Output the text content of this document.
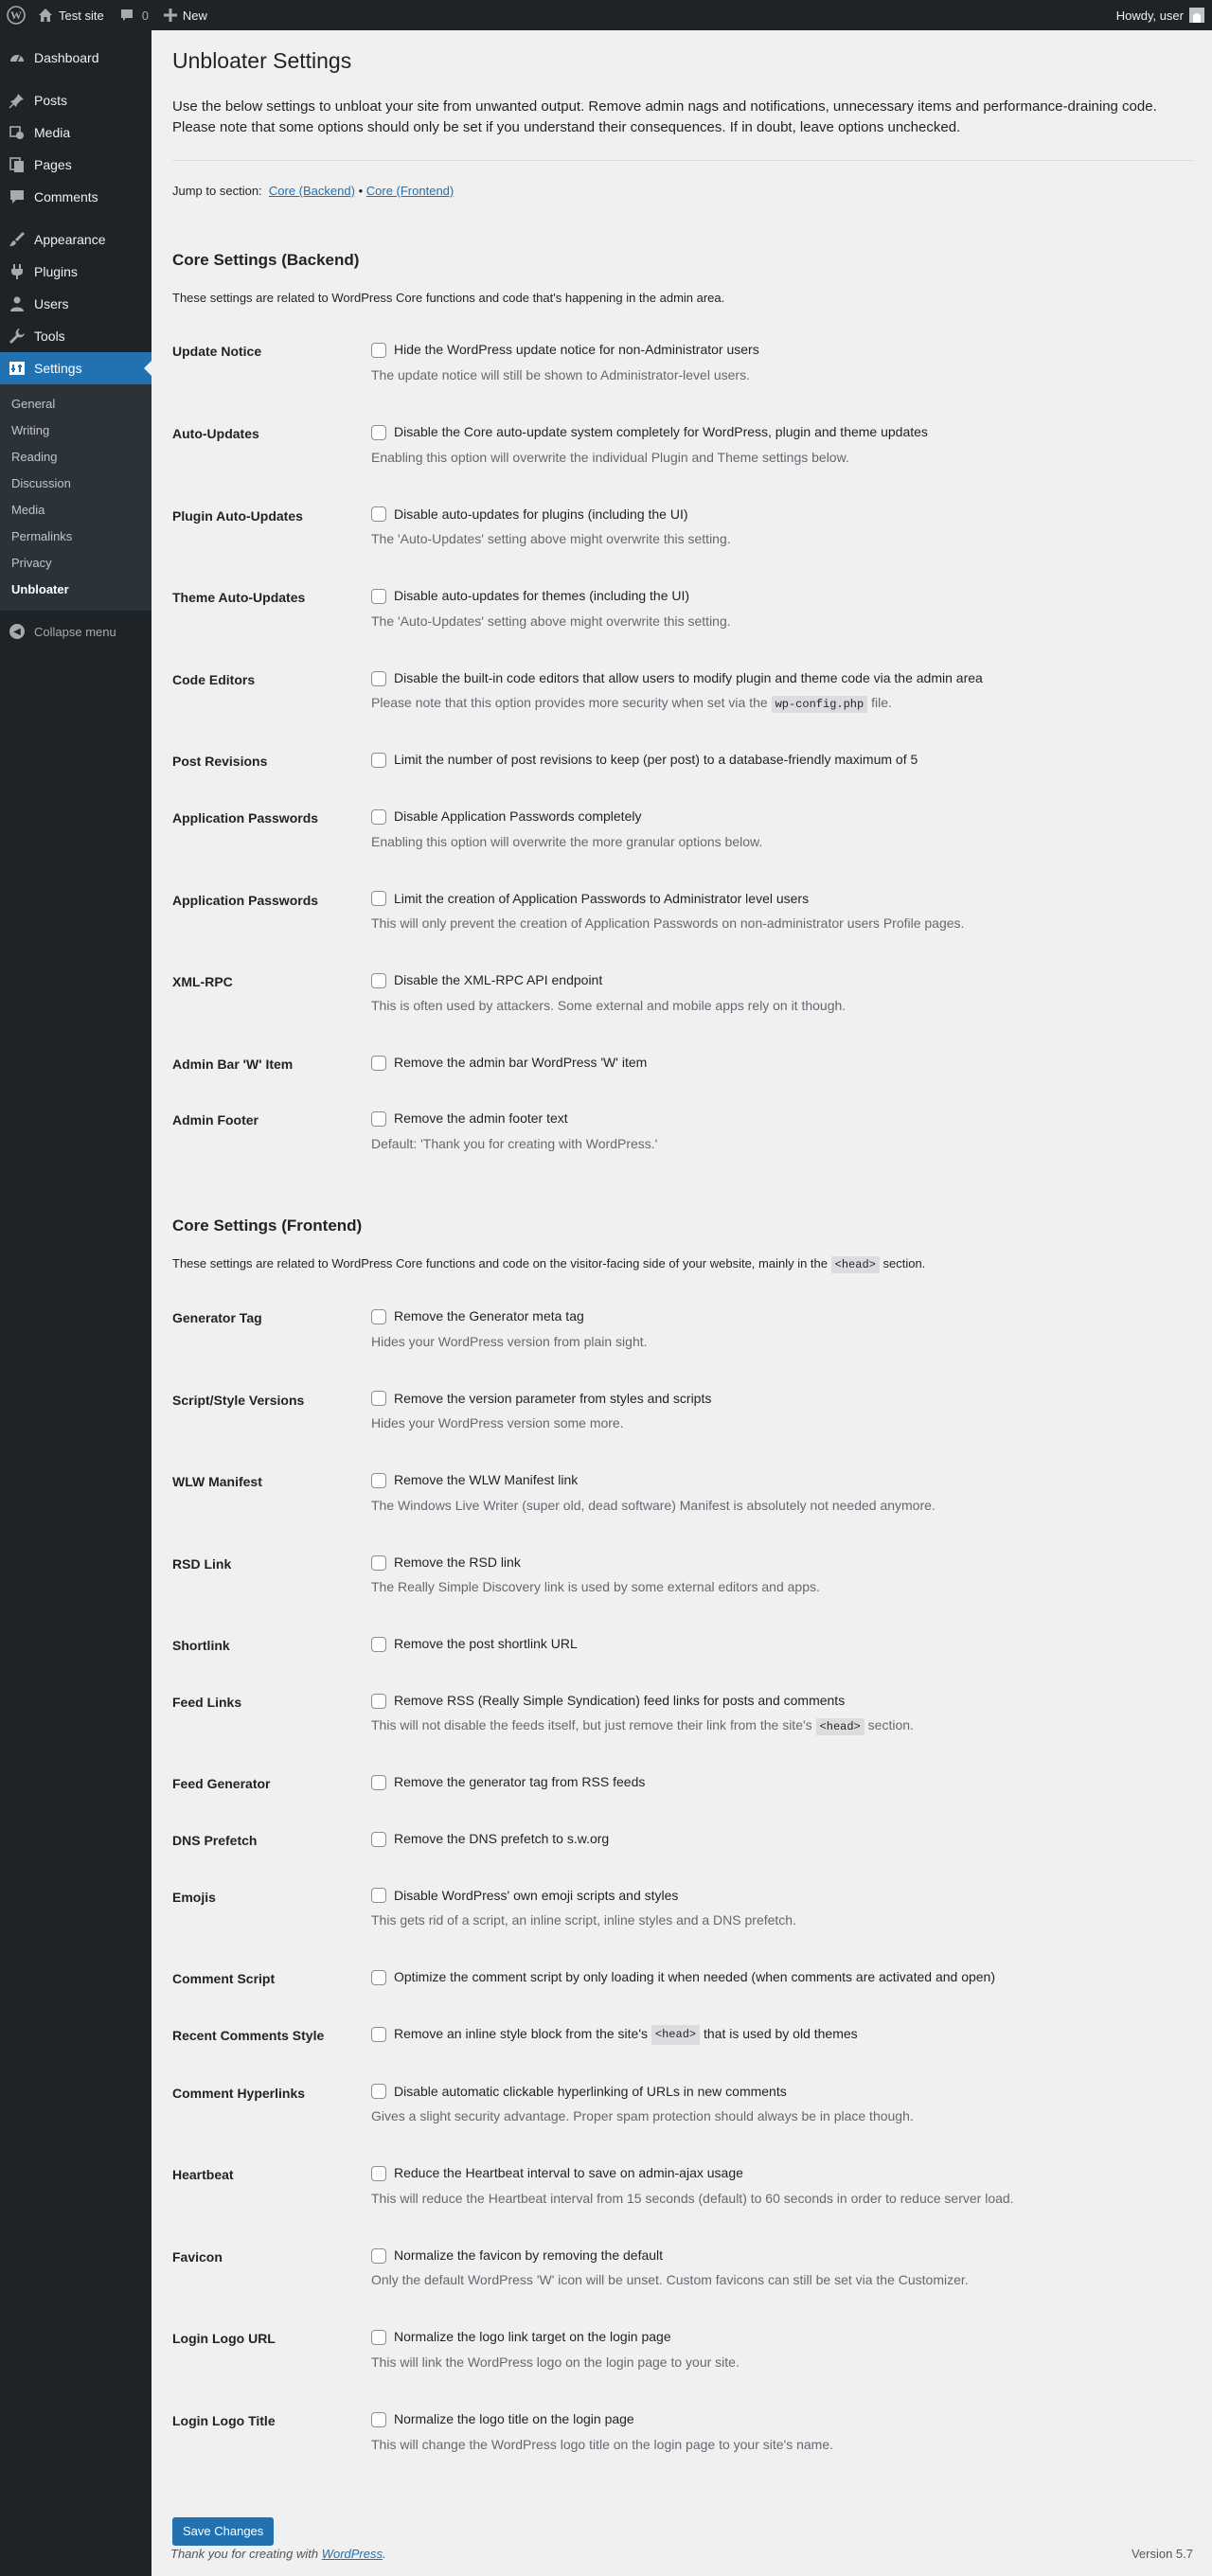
W	Test site	0	New	Howdy, user
Dashboard
Posts
Media
Pages
Comments
Appearance
Plugins
Users
Tools
Settings
General
Writing
Reading
Discussion
Media
Permalinks
Privacy
Unbloater
◀	Collapse menu
Unbloater Settings

Use the below settings to unbloat your site from unwanted output. Remove admin nags and notifications, unnecessary items and performance-draining code. Please note that some options should only be set if you understand their consequences. If in doubt, leave options unchecked.

Jump to section: Core (Backend) • Core (Frontend)

Core Settings (Backend)

These settings are related to WordPress Core functions and code that's happening in the admin area.

Update Notice	Hide the WordPress update notice for non-Administrator users
The update notice will still be shown to Administrator-level users.

Auto-Updates	Disable the Core auto-update system completely for WordPress, plugin and theme updates
Enabling this option will overwrite the individual Plugin and Theme settings below.

Plugin Auto-Updates	Disable auto-updates for plugins (including the UI)
The 'Auto-Updates' setting above might overwrite this setting.

Theme Auto-Updates	Disable auto-updates for themes (including the UI)
The 'Auto-Updates' setting above might overwrite this setting.

Code Editors	Disable the built-in code editors that allow users to modify plugin and theme code via the admin area
Please note that this option provides more security when set via the wp-config.php file.

Post Revisions	Limit the number of post revisions to keep (per post) to a database-friendly maximum of 5

Application Passwords	Disable Application Passwords completely
Enabling this option will overwrite the more granular options below.

Application Passwords	Limit the creation of Application Passwords to Administrator level users
This will only prevent the creation of Application Passwords on non-administrator users Profile pages.

XML-RPC	Disable the XML-RPC API endpoint
This is often used by attackers. Some external and mobile apps rely on it though.

Admin Bar 'W' Item	Remove the admin bar WordPress 'W' item

Admin Footer	Remove the admin footer text
Default: 'Thank you for creating with WordPress.'
Core Settings (Frontend)

These settings are related to WordPress Core functions and code on the visitor-facing side of your website, mainly in the <head> section.

Generator Tag	Remove the Generator meta tag
Hides your WordPress version from plain sight.

Script/Style Versions	Remove the version parameter from styles and scripts
Hides your WordPress version some more.

WLW Manifest	Remove the WLW Manifest link
The Windows Live Writer (super old, dead software) Manifest is absolutely not needed anymore.

RSD Link	Remove the RSD link
The Really Simple Discovery link is used by some external editors and apps.

Shortlink	Remove the post shortlink URL

Feed Links	Remove RSS (Really Simple Syndication) feed links for posts and comments
This will not disable the feeds itself, but just remove their link from the site's <head> section.

Feed Generator	Remove the generator tag from RSS feeds

DNS Prefetch	Remove the DNS prefetch to s.w.org

Emojis	Disable WordPress' own emoji scripts and styles
This gets rid of a script, an inline script, inline styles and a DNS prefetch.

Comment Script	Optimize the comment script by only loading it when needed (when comments are activated and open)

Recent Comments Style	Remove an inline style block from the site's
<head>
that is used by old themes

Comment Hyperlinks	Disable automatic clickable hyperlinking of URLs in new comments
Gives a slight security advantage. Proper spam protection should always be in place though.

Heartbeat	Reduce the Heartbeat interval to save on admin-ajax usage
This will reduce the Heartbeat interval from 15 seconds (default) to 60 seconds in order to reduce server load.

Favicon	Normalize the favicon by removing the default
Only the default WordPress 'W' icon will be unset. Custom favicons can still be set via the Customizer.

Login Logo URL	Normalize the logo link target on the login page
This will link the WordPress logo on the login page to your site.

Login Logo Title	Normalize the logo title on the login page
This will change the WordPress logo title on the login page to your site's name.
Save Changes
Thank you for creating with WordPress.	Version 5.7
